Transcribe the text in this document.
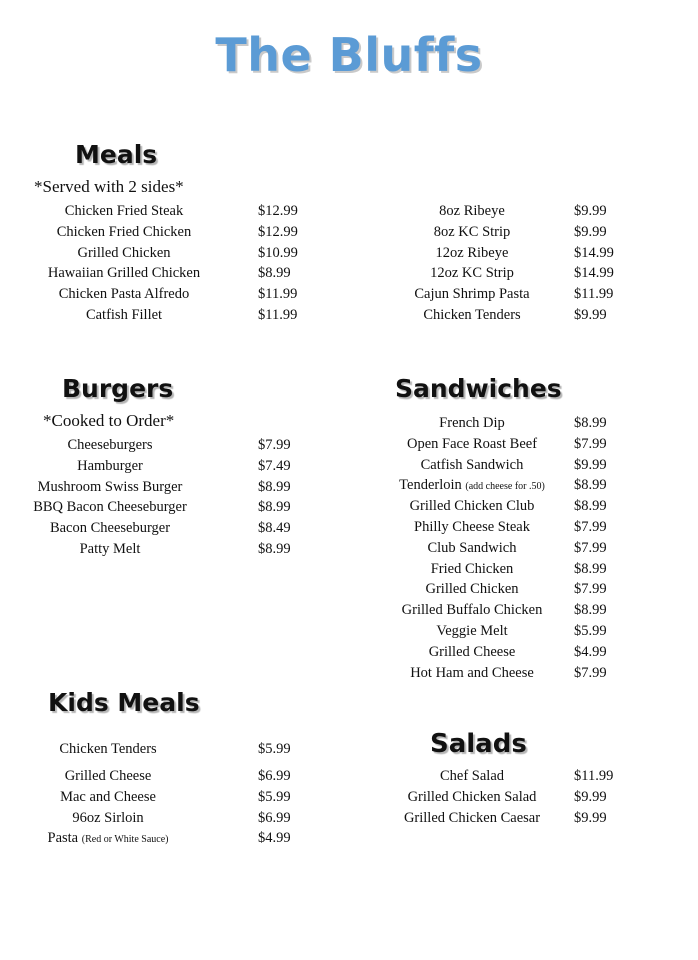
The Bluffs
Meals
*Served with 2 sides*
Chicken Fried Steak	$12.99
Chicken Fried Chicken	$12.99
Grilled Chicken	$10.99
Hawaiian Grilled Chicken	$8.99
Chicken Pasta Alfredo	$11.99
Catfish Fillet	$11.99
8oz Ribeye	$9.99
8oz KC Strip	$9.99
12oz Ribeye	$14.99
12oz KC Strip	$14.99
Cajun Shrimp Pasta	$11.99
Chicken Tenders	$9.99
Burgers
*Cooked to Order*
Cheeseburgers	$7.99
Hamburger	$7.49
Mushroom Swiss Burger	$8.99
BBQ Bacon Cheeseburger	$8.99
Bacon Cheeseburger	$8.49
Patty Melt	$8.99
Sandwiches
French Dip	$8.99
Open Face Roast Beef	$7.99
Catfish Sandwich	$9.99
Tenderloin (add cheese for .50)	$8.99
Grilled Chicken Club	$8.99
Philly Cheese Steak	$7.99
Club Sandwich	$7.99
Fried Chicken	$8.99
Grilled Chicken	$7.99
Grilled Buffalo Chicken	$8.99
Veggie Melt	$5.99
Grilled Cheese	$4.99
Hot Ham and Cheese	$7.99
Kids Meals
Chicken Tenders	$5.99
Grilled Cheese	$6.99
Mac and Cheese	$5.99
96oz Sirloin	$6.99
Pasta (Red or White Sauce)	$4.99
Salads
Chef Salad	$11.99
Grilled Chicken Salad	$9.99
Grilled Chicken Caesar	$9.99
